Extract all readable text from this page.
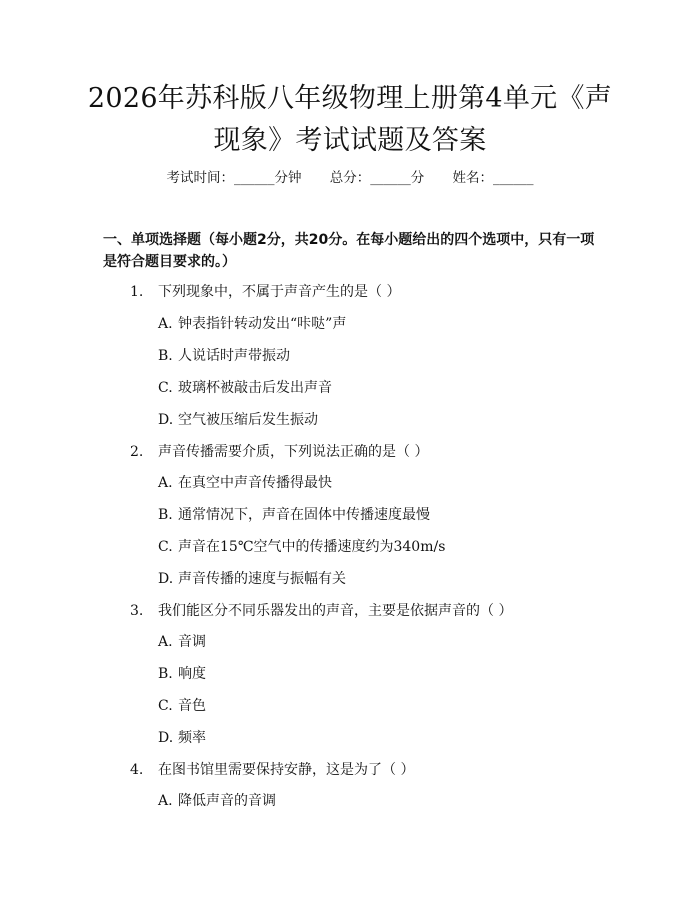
2026年苏科版八年级物理上册第4单元《声
现象》考试试题及答案
考试时间：______分钟 总分：______分 姓名：______
一、单项选择题（每小题2分，共20分。在每小题给出的四个选项中，只有一项
是符合题目要求的。）
1. 下列现象中，不属于声音产生的是（ ）
A. 钟表指针转动发出“咔哒”声
B. 人说话时声带振动
C. 玻璃杯被敲击后发出声音
D. 空气被压缩后发生振动
2. 声音传播需要介质，下列说法正确的是（ ）
A. 在真空中声音传播得最快
B. 通常情况下，声音在固体中传播速度最慢
C. 声音在15℃空气中的传播速度约为340m/s
D. 声音传播的速度与振幅有关
3. 我们能区分不同乐器发出的声音，主要是依据声音的（ ）
A. 音调
B. 响度
C. 音色
D. 频率
4. 在图书馆里需要保持安静，这是为了（ ）
A. 降低声音的音调
